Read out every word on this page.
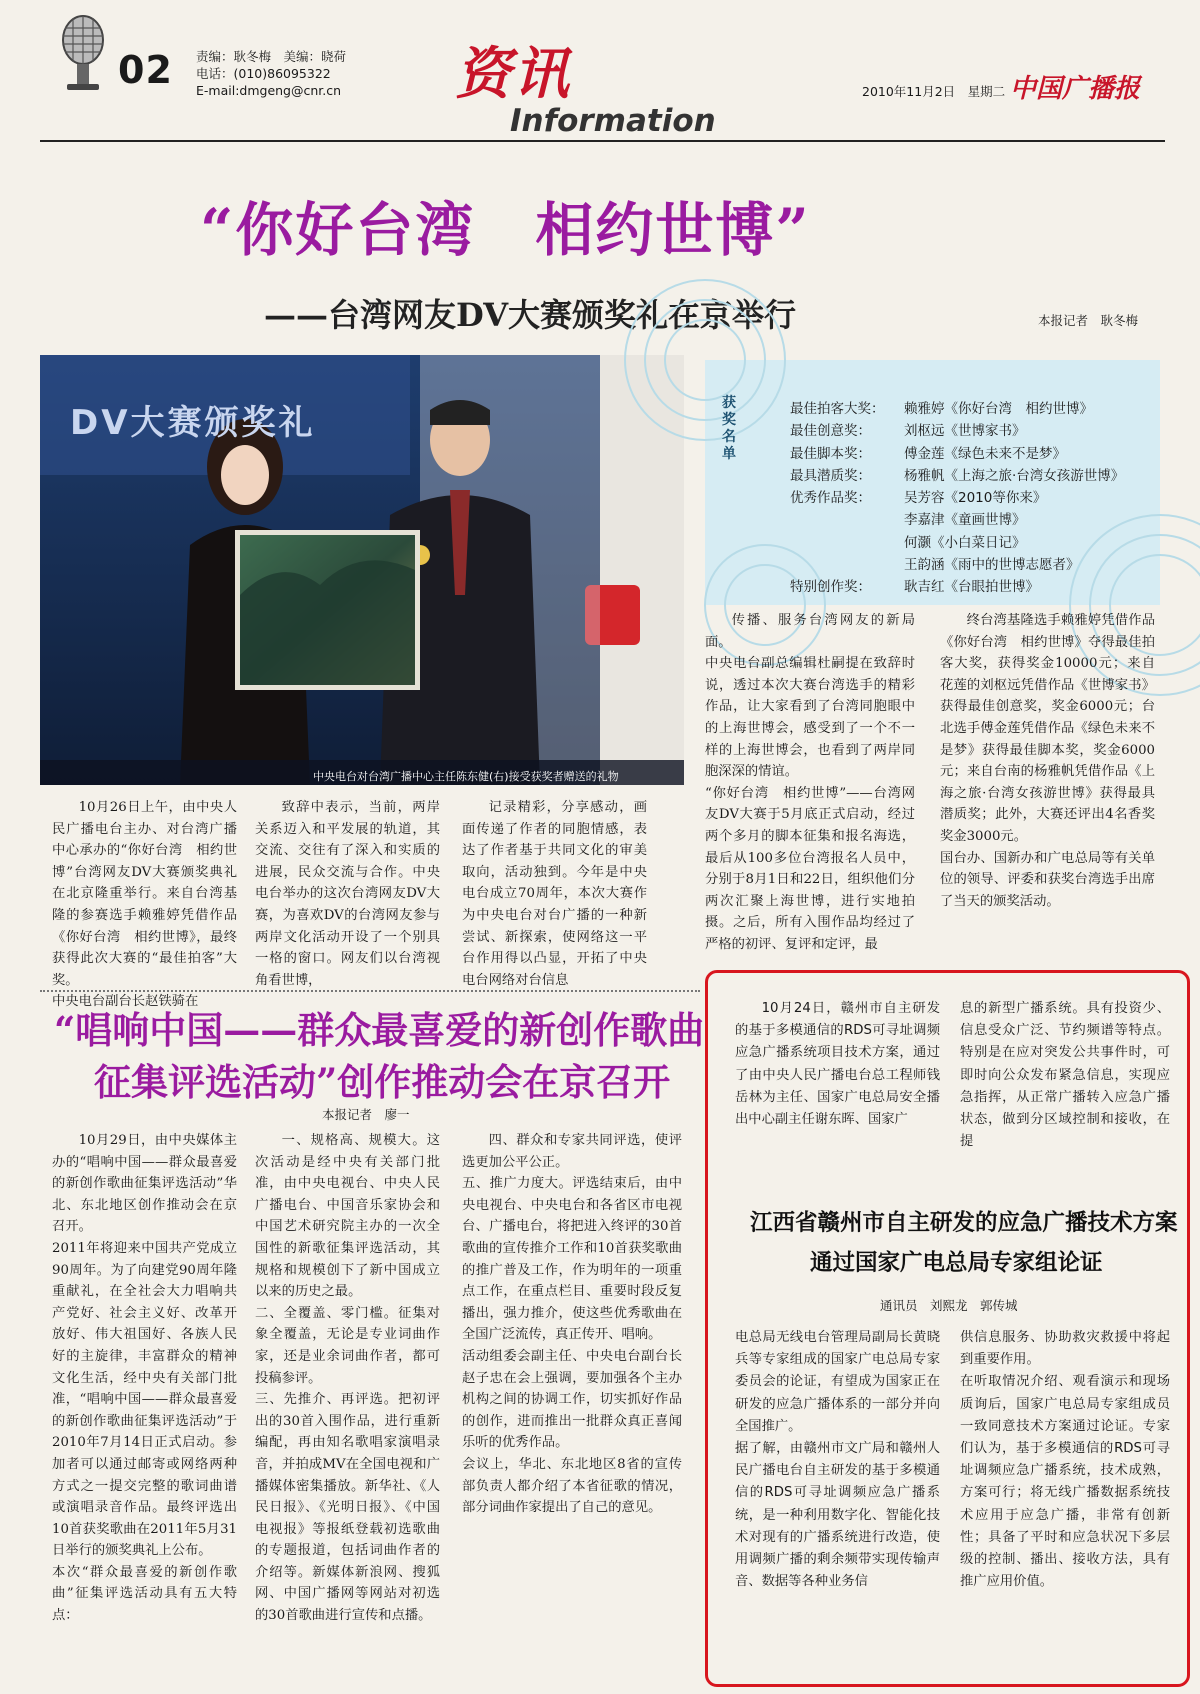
02 责编：耿冬梅　美编：晓荷
电话：(010)86095322
E-mail:dmgeng@cnr.cn 资讯
Information
2010年11月2日　星期二 中国广播报
“你好台湾　相约世博”
——台湾网友DV大赛颁奖礼在京举行	本报记者　耿冬梅
中央电台对台湾广播中心主任陈东健(右)接受获奖者赠送的礼物
DV大赛颁奖礼	获奖名单
最佳拍客大奖：	赖雅婷《你好台湾　相约世博》
最佳创意奖：	刘枢远《世博家书》
最佳脚本奖：	傅金莲《绿色未来不是梦》
最具潜质奖：	杨雅帆《上海之旅·台湾女孩游世博》
优秀作品奖：	吴芳容《2010等你来》
李嘉津《童画世博》
何灏《小白菜日记》
王韵涵《雨中的世博志愿者》
特别创作奖：	耿吉红《台眼拍世博》
10月26日上午，由中央人民广播电台主办、对台湾广播中心承办的“你好台湾　相约世博”台湾网友DV大赛颁奖典礼在北京隆重举行。来自台湾基隆的参赛选手赖雅婷凭借作品《你好台湾　相约世博》，最终获得此次大赛的“最佳拍客”大奖。
中央电台副台长赵铁骑在
致辞中表示，当前，两岸关系迈入和平发展的轨道，其交流、交往有了深入和实质的进展，民众交流与合作。中央电台举办的这次台湾网友DV大赛，为喜欢DV的台湾网友参与两岸文化活动开设了一个别具一格的窗口。网友们以台湾视角看世博，
记录精彩，分享感动，画面传递了作者的同胞情感，表达了作者基于共同文化的审美取向，活动独到。今年是中央电台成立70周年，本次大赛作为中央电台对台广播的一种新尝试、新探索，使网络这一平台作用得以凸显，开拓了中央电台网络对台信息
传播、服务台湾网友的新局面。
中央电台副总编辑杜嗣提在致辞时说，透过本次大赛台湾选手的精彩作品，让大家看到了台湾同胞眼中的上海世博会，感受到了一个不一样的上海世博会，也看到了两岸同胞深深的情谊。
“你好台湾　相约世博”——台湾网友DV大赛于5月底正式启动，经过两个多月的脚本征集和报名海选，最后从100多位台湾报名人员中，分别于8月1日和22日，组织他们分两次汇聚上海世博，进行实地拍摄。之后，所有入围作品均经过了严格的初评、复评和定评，最
终台湾基隆选手赖雅婷凭借作品《你好台湾　相约世博》夺得最佳拍客大奖，获得奖金10000元；来自花莲的刘枢远凭借作品《世博家书》获得最佳创意奖，奖金6000元；台北选手傅金莲凭借作品《绿色未来不是梦》获得最佳脚本奖，奖金6000元；来自台南的杨雅帆凭借作品《上海之旅·台湾女孩游世博》获得最具潜质奖；此外，大赛还评出4名香奖奖金3000元。
国台办、国新办和广电总局等有关单位的领导、评委和获奖台湾选手出席了当天的颁奖活动。
“唱响中国——群众最喜爱的新创作歌曲
征集评选活动”创作推动会在京召开
本报记者　廖一
10月29日，由中央媒体主办的“唱响中国——群众最喜爱的新创作歌曲征集评选活动”华北、东北地区创作推动会在京召开。
2011年将迎来中国共产党成立90周年。为了向建党90周年隆重献礼，在全社会大力唱响共产党好、社会主义好、改革开放好、伟大祖国好、各族人民好的主旋律，丰富群众的精神文化生活，经中央有关部门批准，“唱响中国——群众最喜爱的新创作歌曲征集评选活动”于2010年7月14日正式启动。参加者可以通过邮寄或网络两种方式之一提交完整的歌词曲谱或演唱录音作品。最终评选出10首获奖歌曲在2011年5月31日举行的颁奖典礼上公布。
本次“群众最喜爱的新创作歌曲”征集评选活动具有五大特点：
一、规格高、规模大。这次活动是经中央有关部门批准，由中央电视台、中央人民广播电台、中国音乐家协会和中国艺术研究院主办的一次全国性的新歌征集评选活动，其规格和规模创下了新中国成立以来的历史之最。
二、全覆盖、零门槛。征集对象全覆盖，无论是专业词曲作家，还是业余词曲作者，都可投稿参评。
三、先推介、再评选。把初评出的30首入围作品，进行重新编配，再由知名歌唱家演唱录音，并拍成MV在全国电视和广播媒体密集播放。新华社、《人民日报》、《光明日报》、《中国电视报》等报纸登载初选歌曲的专题报道，包括词曲作者的介绍等。新媒体新浪网、搜狐网、中国广播网等网站对初选的30首歌曲进行宣传和点播。
四、群众和专家共同评选，使评选更加公平公正。
五、推广力度大。评选结束后，由中央电视台、中央电台和各省区市电视台、广播电台，将把进入终评的30首歌曲的宣传推介工作和10首获奖歌曲的推广普及工作，作为明年的一项重点工作，在重点栏目、重要时段反复播出，强力推介，使这些优秀歌曲在全国广泛流传，真正传开、唱响。
活动组委会副主任、中央电台副台长赵子忠在会上强调，要加强各个主办机构之间的协调工作，切实抓好作品的创作，进而推出一批群众真正喜闻乐听的优秀作品。
会议上，华北、东北地区8省的宣传部负责人都介绍了本省征歌的情况，部分词曲作家提出了自己的意见。
10月24日，赣州市自主研发的基于多模通信的RDS可寻址调频应急广播系统项目技术方案，通过了由中央人民广播电台总工程师钱岳林为主任、国家广电总局安全播出中心副主任谢东晖、国家广
息的新型广播系统。具有投资少、信息受众广泛、节约频谱等特点。特别是在应对突发公共事件时，可即时向公众发布紧急信息，实现应急指挥，从正常广播转入应急广播状态，做到分区域控制和接收，在提
江西省赣州市自主研发的应急广播技术方案
通过国家广电总局专家组论证
通讯员　刘熙龙　郭传城
电总局无线电台管理局副局长黄晓兵等专家组成的国家广电总局专家委员会的论证，有望成为国家正在研发的应急广播体系的一部分并向全国推广。
据了解，由赣州市文广局和赣州人民广播电台自主研发的基于多模通信的RDS可寻址调频应急广播系统，是一种利用数字化、智能化技术对现有的广播系统进行改造，使用调频广播的剩余频带实现传输声音、数据等各种业务信
供信息服务、协助救灾救援中将起到重要作用。
在听取情况介绍、观看演示和现场质询后，国家广电总局专家组成员一致同意技术方案通过论证。专家们认为，基于多模通信的RDS可寻址调频应急广播系统，技术成熟，方案可行；将无线广播数据系统技术应用于应急广播，非常有创新性；具备了平时和应急状况下多层级的控制、播出、接收方法，具有推广应用价值。
